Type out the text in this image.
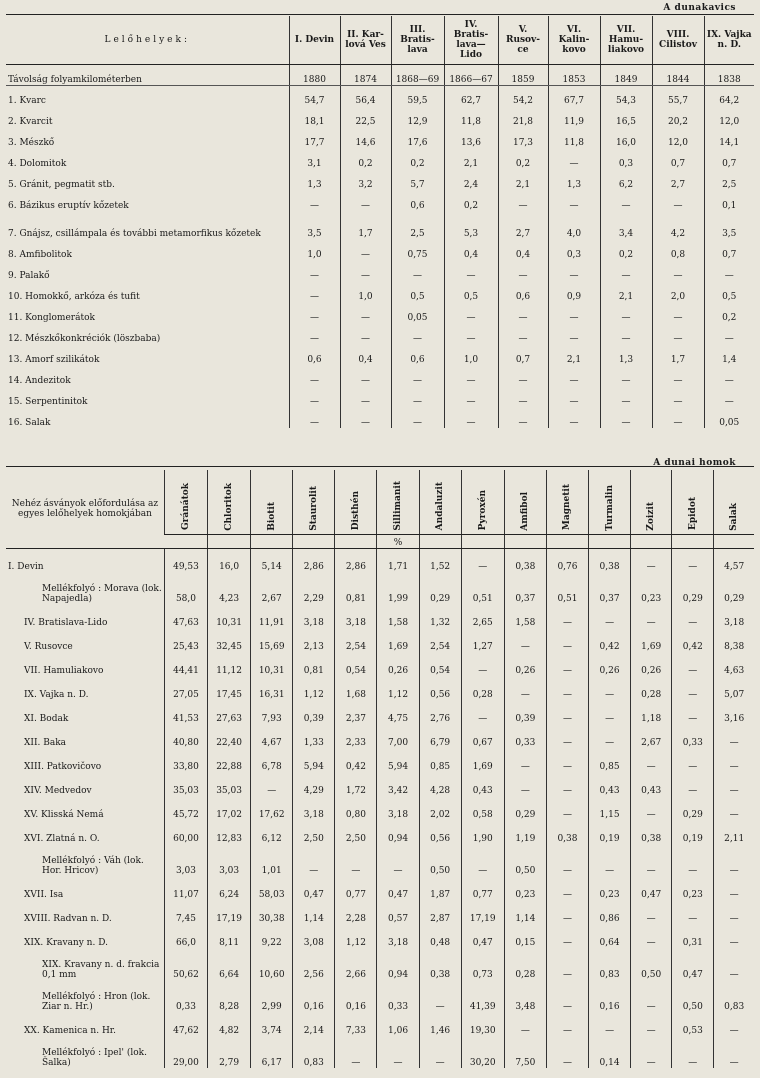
A dunakavics
Lelőhelyek:	I. Devin	II. Kar-lová Ves	III. Bratis-lava	IV. Bratis-lava—Lido	V. Rusov-ce	VI. Kalin-kovo	VII. Hamu-liakovo	VIII. Cilistov	IX. Vajka n. D.
Távolság folyamkilométerben	1880	1874	1868—69	1866—67	1859	1853	1849	1844	1838
1. Kvarc	54,7	56,4	59,5	62,7	54,2	67,7	54,3	55,7	64,2
2. Kvarcit	18,1	22,5	12,9	11,8	21,8	11,9	16,5	20,2	12,0
3. Mészkő	17,7	14,6	17,6	13,6	17,3	11,8	16,0	12,0	14,1
4. Dolomitok	3,1	0,2	0,2	2,1	0,2	—	0,3	0,7	0,7
5. Gránit, pegmatit stb.	1,3	3,2	5,7	2,4	2,1	1,3	6,2	2,7	2,5
6. Bázikus eruptív kőzetek	—	—	0,6	0,2	—	—	—	—	0,1
7. Gnájsz, csillámpala és további metamorfikus kőzetek	3,5	1,7	2,5	5,3	2,7	4,0	3,4	4,2	3,5
8. Amfibolitok	1,0	—	0,75	0,4	0,4	0,3	0,2	0,8	0,7
9. Palakő	—	—	—	—	—	—	—	—	—
10. Homokkő, arkóza és tufit	—	1,0	0,5	0,5	0,6	0,9	2,1	2,0	0,5
11. Konglomerátok	—	—	0,05	—	—	—	—	—	0,2
12. Mészkőkonkréciók (löszbaba)	—	—	—	—	—	—	—	—	—
13. Amorf szilikátok	0,6	0,4	0,6	1,0	0,7	2,1	1,3	1,7	1,4
14. Andezitok	—	—	—	—	—	—	—	—	—
15. Serpentinitok	—	—	—	—	—	—	—	—	—
16. Salak	—	—	—	—	—	—	—	—	0,05
A dunai homok
Nehéz ásványok előfordulása az egyes lelőhelyek homokjában	Gránátok	Chloritok	Biotit	Staurolit	Disthén	Sillimanit	Andaluzit	Pyroxén	Amfibol	Magnetit	Turmalin	Zoizit	Epidot	Salak
						%								
I. Devin	49,53	16,0	5,14	2,86	2,86	1,71	1,52	—	0,38	0,76	0,38	—	—	4,57
Mellékfolyó : Morava (lok. Napajedla)	58,0	4,23	2,67	2,29	0,81	1,99	0,29	0,51	0,37	0,51	0,37	0,23	0,29	0,29
IV. Bratislava-Lido	47,63	10,31	11,91	3,18	3,18	1,58	1,32	2,65	1,58	—	—	—	—	3,18
V. Rusovce	25,43	32,45	15,69	2,13	2,54	1,69	2,54	1,27	—	—	0,42	1,69	0,42	8,38
VII. Hamuliakovo	44,41	11,12	10,31	0,81	0,54	0,26	0,54	—	0,26	—	0,26	0,26	—	4,63
IX. Vajka n. D.	27,05	17,45	16,31	1,12	1,68	1,12	0,56	0,28	—	—	—	0,28	—	5,07
XI. Bodak	41,53	27,63	7,93	0,39	2,37	4,75	2,76	—	0,39	—	—	1,18	—	3,16
XII. Baka	40,80	22,40	4,67	1,33	2,33	7,00	6,79	0,67	0,33	—	—	2,67	0,33	—
XIII. Patkovičovo	33,80	22,88	6,78	5,94	0,42	5,94	0,85	1,69	—	—	0,85	—	—	—
XIV. Medvedov	35,03	35,03	—	4,29	1,72	3,42	4,28	0,43	—	—	0,43	0,43	—	—
XV. Klisská Nemá	45,72	17,02	17,62	3,18	0,80	3,18	2,02	0,58	0,29	—	1,15	—	0,29	—
XVI. Zlatná n. O.	60,00	12,83	6,12	2,50	2,50	0,94	0,56	1,90	1,19	0,38	0,19	0,38	0,19	2,11
Mellékfolyó : Váh (lok. Hor. Hricov)	3,03	3,03	1,01	—	—	—	0,50	—	0,50	—	—	—	—	—
XVII. Isa	11,07	6,24	58,03	0,47	0,77	0,47	1,87	0,77	0,23	—	0,23	0,47	0,23	—
XVIII. Radvan n. D.	7,45	17,19	30,38	1,14	2,28	0,57	2,87	17,19	1,14	—	0,86	—	—	—
XIX. Kravany n. D.	66,0	8,11	9,22	3,08	1,12	3,18	0,48	0,47	0,15	—	0,64	—	0,31	—
XIX. Kravany n. d. frakcia 0,1 mm	50,62	6,64	10,60	2,56	2,66	0,94	0,38	0,73	0,28	—	0,83	0,50	0,47	—
Mellékfolyó : Hron (lok. Ziar n. Hr.)	0,33	8,28	2,99	0,16	0,16	0,33	—	41,39	3,48	—	0,16	—	0,50	0,83
XX. Kamenica n. Hr.	47,62	4,82	3,74	2,14	7,33	1,06	1,46	19,30	—	—	—	—	0,53	—
Mellékfolyó : Ipel' (lok. Šalka)	29,00	2,79	6,17	0,83	—	—	—	30,20	7,50	—	0,14	—	—	—
